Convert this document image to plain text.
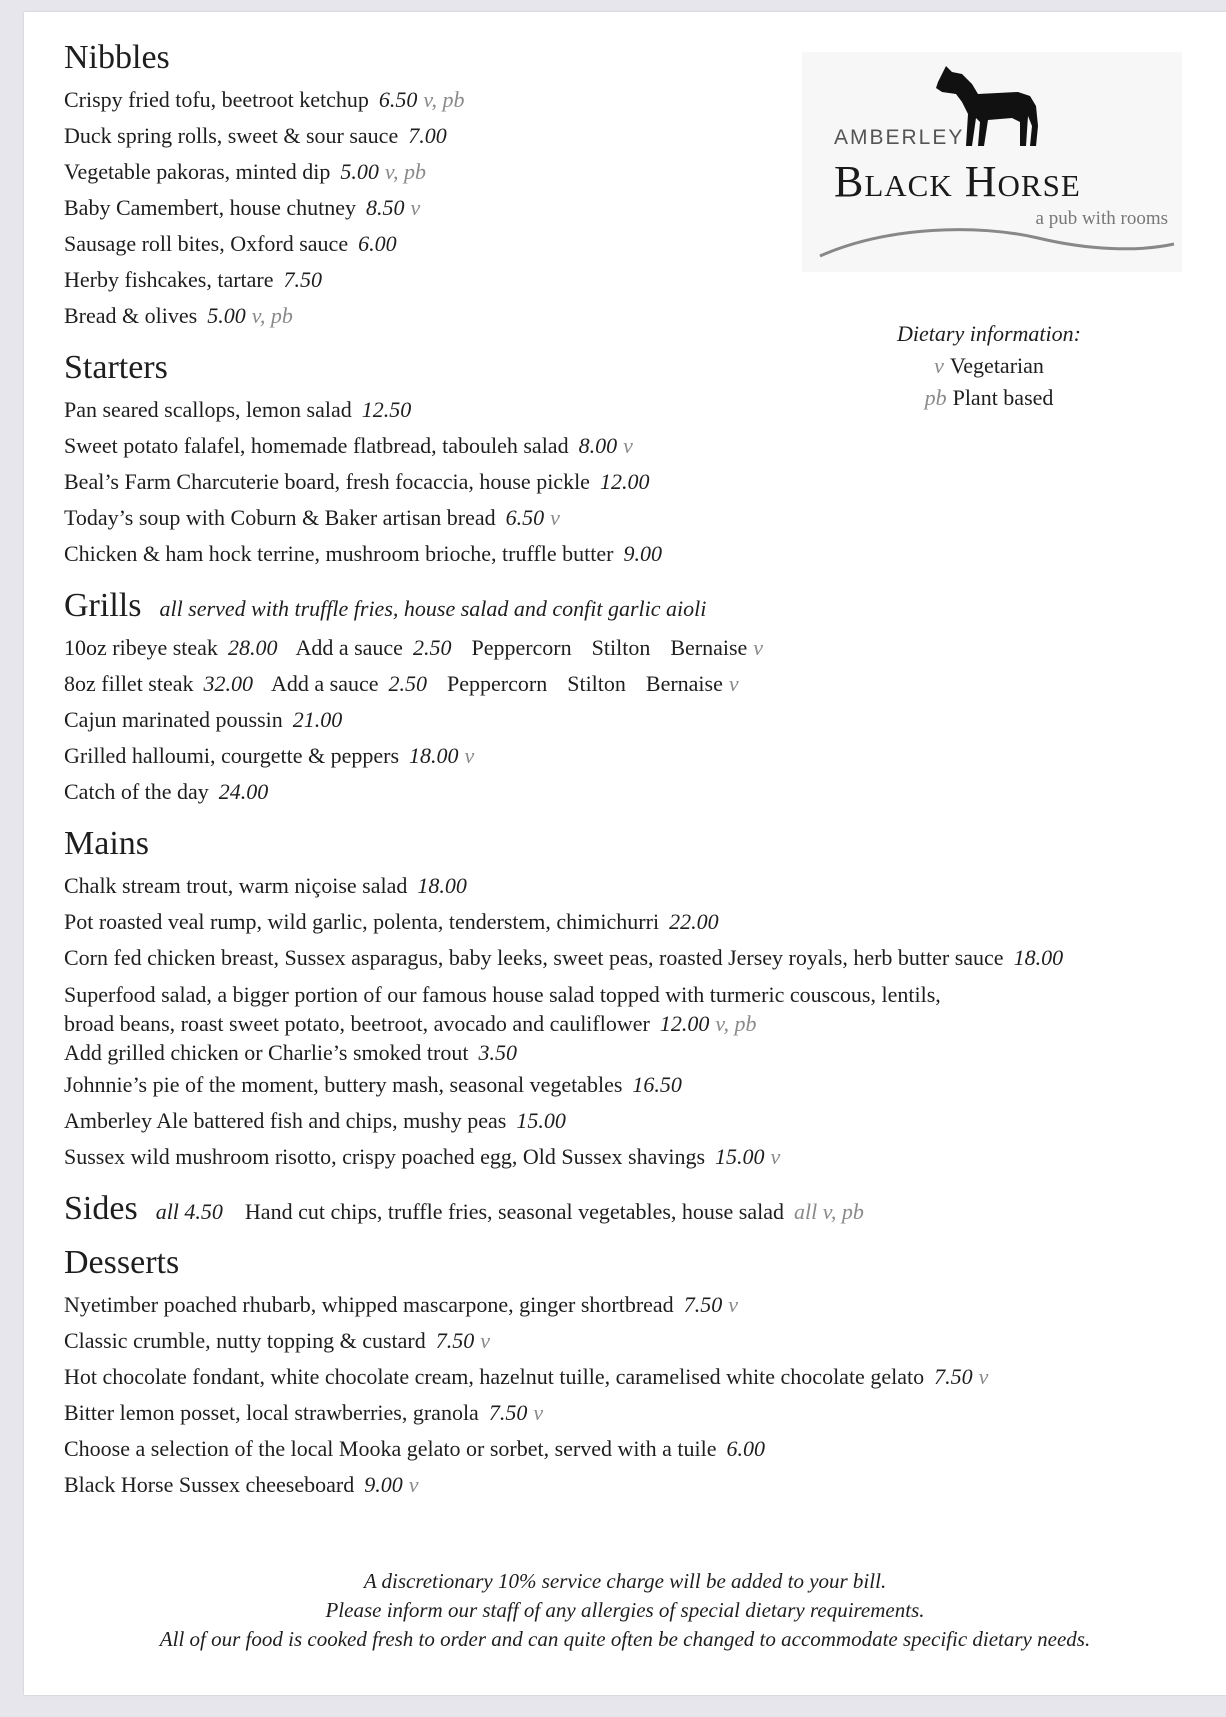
AMBERLEY
Black Horse
a pub with rooms
Dietary information:
v Vegetarian
pb Plant based
Nibbles
Crispy fried tofu, beetroot ketchup 6.50 v, pb
Duck spring rolls, sweet & sour sauce 7.00
Vegetable pakoras, minted dip 5.00 v, pb
Baby Camembert, house chutney 8.50 v
Sausage roll bites, Oxford sauce 6.00
Herby fishcakes, tartare 7.50
Bread & olives 5.00 v, pb
Starters
Pan seared scallops, lemon salad 12.50
Sweet potato falafel, homemade flatbread, tabouleh salad 8.00 v
Beal’s Farm Charcuterie board, fresh focaccia, house pickle 12.00
Today’s soup with Coburn & Baker artisan bread 6.50 v
Chicken & ham hock terrine, mushroom brioche, truffle butter 9.00
Grills all served with truffle fries, house salad and confit garlic aioli
10oz ribeye steak 28.00 Add a sauce 2.50 Peppercorn Stilton Bernaise v
8oz fillet steak 32.00 Add a sauce 2.50 Peppercorn Stilton Bernaise v
Cajun marinated poussin 21.00
Grilled halloumi, courgette & peppers 18.00 v
Catch of the day 24.00
Mains
Chalk stream trout, warm niçoise salad 18.00
Pot roasted veal rump, wild garlic, polenta, tenderstem, chimichurri 22.00
Corn fed chicken breast, Sussex asparagus, baby leeks, sweet peas, roasted Jersey royals, herb butter sauce 18.00
Superfood salad, a bigger portion of our famous house salad topped with turmeric couscous, lentils,
broad beans, roast sweet potato, beetroot, avocado and cauliflower 12.00 v, pb
Add grilled chicken or Charlie’s smoked trout 3.50
Johnnie’s pie of the moment, buttery mash, seasonal vegetables 16.50
Amberley Ale battered fish and chips, mushy peas 15.00
Sussex wild mushroom risotto, crispy poached egg, Old Sussex shavings 15.00 v
Sides all 4.50 Hand cut chips, truffle fries, seasonal vegetables, house salad all v, pb
Desserts
Nyetimber poached rhubarb, whipped mascarpone, ginger shortbread 7.50 v
Classic crumble, nutty topping & custard 7.50 v
Hot chocolate fondant, white chocolate cream, hazelnut tuille, caramelised white chocolate gelato 7.50 v
Bitter lemon posset, local strawberries, granola 7.50 v
Choose a selection of the local Mooka gelato or sorbet, served with a tuile 6.00
Black Horse Sussex cheeseboard 9.00 v
A discretionary 10% service charge will be added to your bill.
Please inform our staff of any allergies of special dietary requirements.
All of our food is cooked fresh to order and can quite often be changed to accommodate specific dietary needs.
